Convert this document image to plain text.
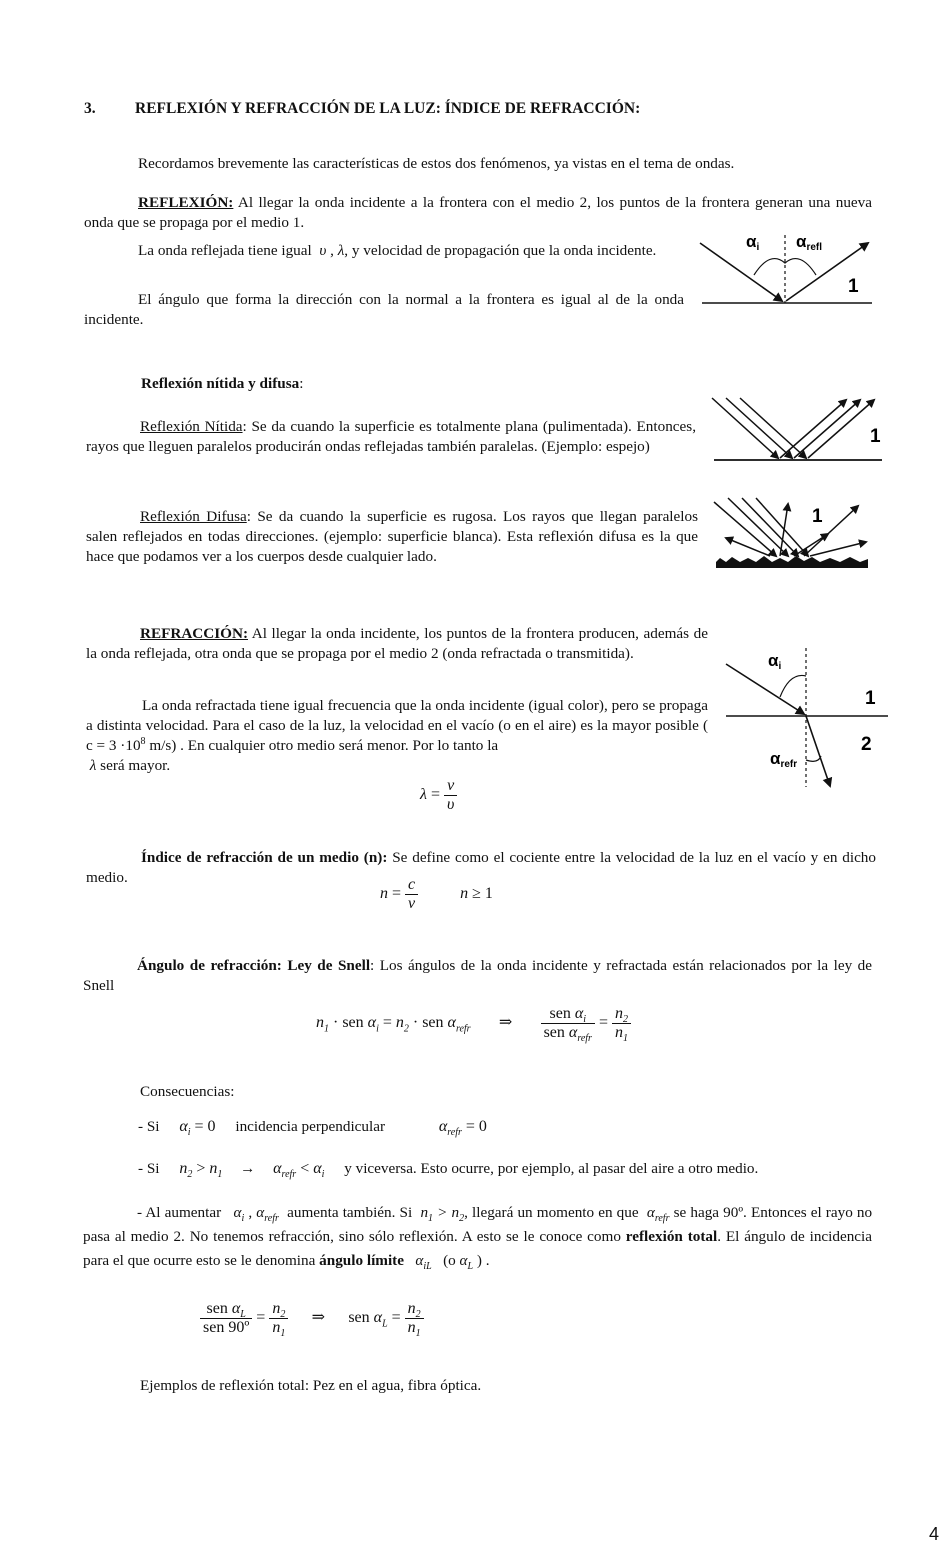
3.	REFLEXIÓN Y REFRACCIÓN DE LA LUZ: ÍNDICE DE REFRACCIÓN:
Recordamos brevemente las características de estos dos fenómenos, ya vistas en el tema de ondas.
REFLEXIÓN: Al llegar la onda incidente a la frontera con el medio 2, los puntos de la frontera generan una nueva onda que se propaga por el medio 1.
La onda reflejada tiene igual  υ , λ, y velocidad de propagación que la onda incidente.
El ángulo que forma la dirección con la normal a la frontera es igual al de la onda incidente.
αi αrefl
1
Reflexión nítida y difusa:
Reflexión Nítida: Se da cuando la superficie es totalmente plana (pulimentada). Entonces, rayos que lleguen paralelos producirán ondas reflejadas también paralelas. (Ejemplo: espejo)	1
Reflexión Difusa: Se da cuando la superficie es rugosa. Los rayos que llegan paralelos salen reflejados en todas direcciones. (ejemplo: superficie blanca). Esta reflexión difusa es la que hace que podamos ver a los cuerpos desde cualquier lado.
1
REFRACCIÓN: Al llegar la onda incidente, los puntos de la frontera producen, además de la onda reflejada, otra onda que se propaga por el medio 2 (onda refractada o transmitida).
La onda refractada tiene igual frecuencia que la onda incidente (igual color), pero se propaga a distinta velocidad. Para el caso de la luz, la velocidad en el vacío (o en el aire) es la mayor posible ( $c = 3 \cdot 10^8$ m/s) . En cualquier otro medio será menor. Por lo tanto la
λ será mayor.
αi
αrefr
1
2
$\lambda = \frac{v}{\upsilon}$
Índice de refracción de un medio (n): Se define como el cociente entre la velocidad de la luz en el vacío y en dicho medio.
$n = \frac{c}{v}$	n ≥ 1
Ángulo de refracción: Ley de Snell: Los ángulos de la onda incidente y refractada están relacionados por la ley de Snell
$n_1$ · sen $\alpha_i = n_2$ · sen $\alpha_{refr}$ ⇒ $\frac{sen \alpha_i}{sen \alpha_{refr}} = \frac{n_2}{n_1}$
Consecuencias:
- Si $\alpha_i = 0$ incidencia perpendicular	$\alpha_{refr} = 0$
- Si $n_2 > n_1 \to \alpha_{refr} < \alpha_i$ y viceversa. Esto ocurre, por ejemplo, al pasar del aire a otro medio.
- Al aumentar   $\alpha_i$ , $\alpha_{refr}$ aumenta también. Si  $n_1 > n_2$, llegará un momento en que  $\alpha_{refr}$ se haga 90º. Entonces el rayo no pasa al medio 2. No tenemos refracción, sino sólo reflexión. A esto se le conoce como reflexión total. El ángulo de incidencia para el que ocurre esto se le denomina ángulo límite   $\alpha_{iL}$ (o $\alpha_L$ ) .
$\frac{sen \alpha_L}{\text{sen 90º}} = \frac{n_2}{n_1}$ ⇒ sen $\alpha_L = \frac{n_2}{n_1}$
Ejemplos de reflexión total: Pez en el agua, fibra óptica.
4
